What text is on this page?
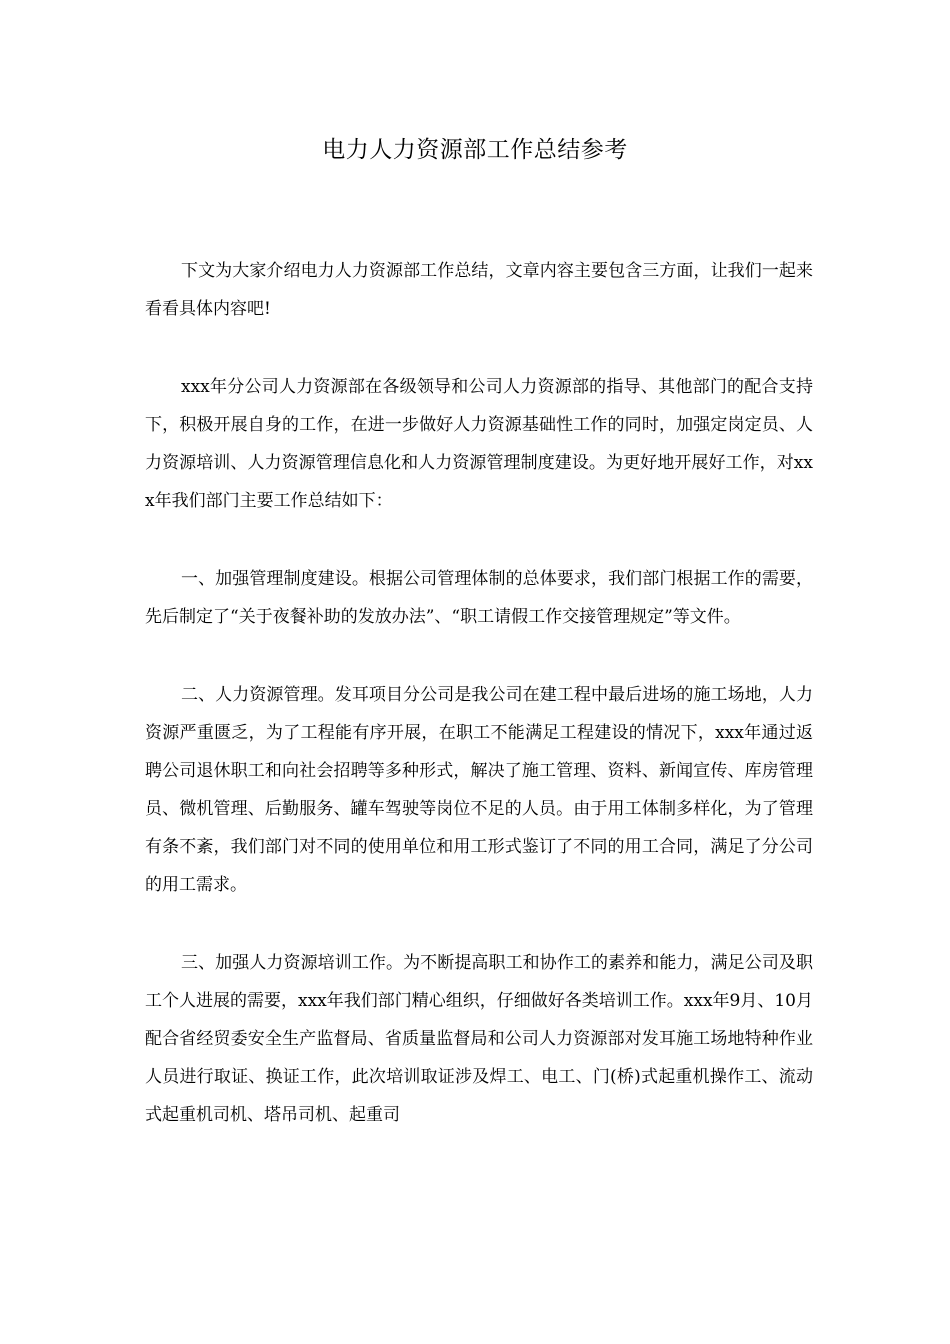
电力人力资源部工作总结参考

下文为大家介绍电力人力资源部工作总结，文章内容主要包含三方面，让我们一起来看看具体内容吧!

xxx年分公司人力资源部在各级领导和公司人力资源部的指导、其他部门的配合支持下，积极开展自身的工作，在进一步做好人力资源基础性工作的同时，加强定岗定员、人力资源培训、人力资源管理信息化和人力资源管理制度建设。为更好地开展好工作，对xxx年我们部门主要工作总结如下：

一、加强管理制度建设。根据公司管理体制的总体要求，我们部门根据工作的需要，先后制定了“关于夜餐补助的发放办法”、“职工请假工作交接管理规定”等文件。

二、人力资源管理。发耳项目分公司是我公司在建工程中最后进场的施工场地，人力资源严重匮乏，为了工程能有序开展，在职工不能满足工程建设的情况下，xxx年通过返聘公司退休职工和向社会招聘等多种形式，解决了施工管理、资料、新闻宣传、库房管理员、微机管理、后勤服务、罐车驾驶等岗位不足的人员。由于用工体制多样化，为了管理有条不紊，我们部门对不同的使用单位和用工形式鉴订了不同的用工合同，满足了分公司的用工需求。

三、加强人力资源培训工作。为不断提高职工和协作工的素养和能力，满足公司及职工个人进展的需要，xxx年我们部门精心组织，仔细做好各类培训工作。xxx年9月、10月配合省经贸委安全生产监督局、省质量监督局和公司人力资源部对发耳施工场地特种作业人员进行取证、换证工作，此次培训取证涉及焊工、电工、门(桥)式起重机操作工、流动式起重机司机、塔吊司机、起重司
